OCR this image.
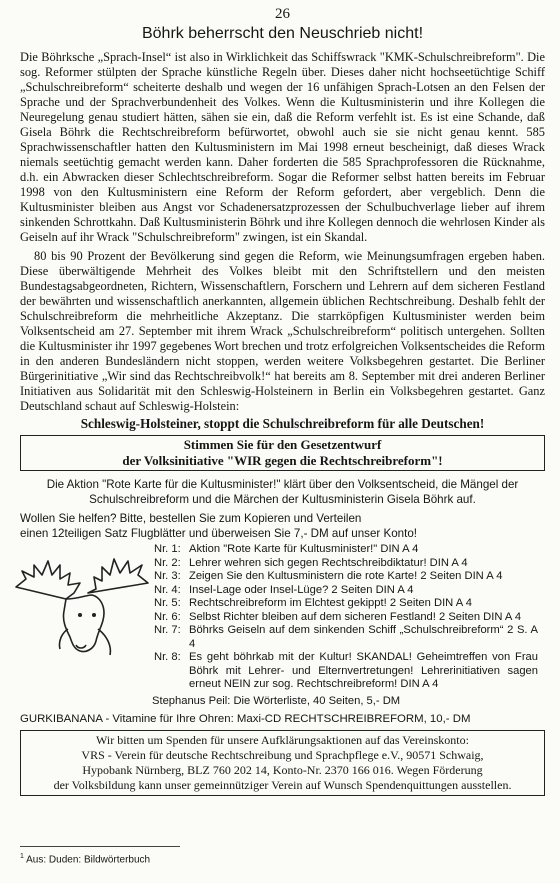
26
Böhrk beherrscht den Neuschrieb nicht!

Die Böhrksche „Sprach-Insel“ ist also in Wirklichkeit das Schiffswrack "KMK-Schulschreibreform". Die sog. Reformer stülpten der Sprache künstliche Regeln über. Dieses daher nicht hochseetüchtige Schiff „Schulschreibreform“ scheiterte deshalb und wegen der 16 unfähigen Sprach-Lotsen an den Felsen der Sprache und der Sprachverbundenheit des Volkes. Wenn die Kultusministerin und ihre Kollegen die Neuregelung genau studiert hätten, sähen sie ein, daß die Reform verfehlt ist. Es ist eine Schande, daß Gisela Böhrk die Rechtschreibreform befürwortet, obwohl auch sie sie nicht genau kennt. 585 Sprachwissenschaftler hatten den Kultusministern im Mai 1998 erneut bescheinigt, daß dieses Wrack niemals seetüchtig gemacht werden kann. Daher forderten die 585 Sprachprofessoren die Rücknahme, d.h. ein Abwracken dieser Schlechtschreibreform. Sogar die Reformer selbst hatten bereits im Februar 1998 von den Kultusministern eine Reform der Reform gefordert, aber vergeblich. Denn die Kultusminister bleiben aus Angst vor Schadenersatzprozessen der Schulbuchverlage lieber auf ihrem sinkenden Schrottkahn. Daß Kultusministerin Böhrk und ihre Kollegen dennoch die wehrlosen Kinder als Geiseln auf ihr Wrack "Schulschreibreform" zwingen, ist ein Skandal.

80 bis 90 Prozent der Bevölkerung sind gegen die Reform, wie Meinungsumfragen ergeben haben. Diese überwältigende Mehrheit des Volkes bleibt mit den Schriftstellern und den meisten Bundestagsabgeordneten, Richtern, Wissenschaftlern, Forschern und Lehrern auf dem sicheren Festland der bewährten und wissenschaftlich anerkannten, allgemein üblichen Rechtschreibung. Deshalb fehlt der Schulschreibreform die mehrheitliche Akzeptanz. Die starrköpfigen Kultusminister werden beim Volksentscheid am 27. September mit ihrem Wrack „Schulschreibreform“ politisch untergehen. Sollten die Kultusminister ihr 1997 gegebenes Wort brechen und trotz erfolgreichen Volksentscheides die Reform in den anderen Bundesländern nicht stoppen, werden weitere Volksbegehren gestartet. Die Berliner Bürgerinitiative „Wir sind das Rechtschreibvolk!“ hat bereits am 8. September mit drei anderen Berliner Initiativen aus Solidarität mit den Schleswig-Holsteinern in Berlin ein Volksbegehren gestartet. Ganz Deutschland schaut auf Schleswig-Holstein:

Schleswig-Holsteiner, stoppt die Schulschreibreform für alle Deutschen!
Stimmen Sie für den Gesetzentwurf
der Volksinitiative "WIR gegen die Rechtschreibreform"!
Die Aktion "Rote Karte für die Kultusminister!" klärt über den Volksentscheid, die Mängel der Schulschreibreform und die Märchen der Kultusministerin Gisela Böhrk auf.
Wollen Sie helfen? Bitte, bestellen Sie zum Kopieren und Verteilen
einen 12teiligen Satz Flugblätter und überweisen Sie 7,- DM auf unser Konto!
Nr. 1: Aktion "Rote Karte für Kultusminister!" DIN A 4
Nr. 2: Lehrer wehren sich gegen Rechtschreibdiktatur! DIN A 4
Nr. 3: Zeigen Sie den Kultusministern die rote Karte! 2 Seiten DIN A 4
Nr. 4: Insel-Lage oder Insel-Lüge? 2 Seiten DIN A 4
Nr. 5: Rechtschreibreform im Elchtest gekippt! 2 Seiten DIN A 4
Nr. 6: Selbst Richter bleiben auf dem sicheren Festland! 2 Seiten DIN A 4
Nr. 7: Böhrks Geiseln auf dem sinkenden Schiff „Schulschreibreform“ 2 S. A 4
Nr. 8: Es geht böhrkab mit der Kultur! SKANDAL! Geheimtreffen von Frau Böhrk mit Lehrer- und Elternvertretungen! Lehrerinitiativen sagen erneut NEIN zur sog. Rechtschreibreform! DIN A 4
Stephanus Peil: Die Wörterliste, 40 Seiten, 5,- DM
GURKIBANANA - Vitamine für Ihre Ohren: Maxi-CD RECHTSCHREIBREFORM, 10,- DM
Wir bitten um Spenden für unsere Aufklärungsaktionen auf das Vereinskonto:
VRS - Verein für deutsche Rechtschreibung und Sprachpflege e.V., 90571 Schwaig,
Hypobank Nürnberg, BLZ 760 202 14, Konto-Nr. 2370 166 016. Wegen Förderung
der Volksbildung kann unser gemeinnütziger Verein auf Wunsch Spendenquittungen ausstellen.
$^1$ Aus: Duden: Bildwörterbuch
